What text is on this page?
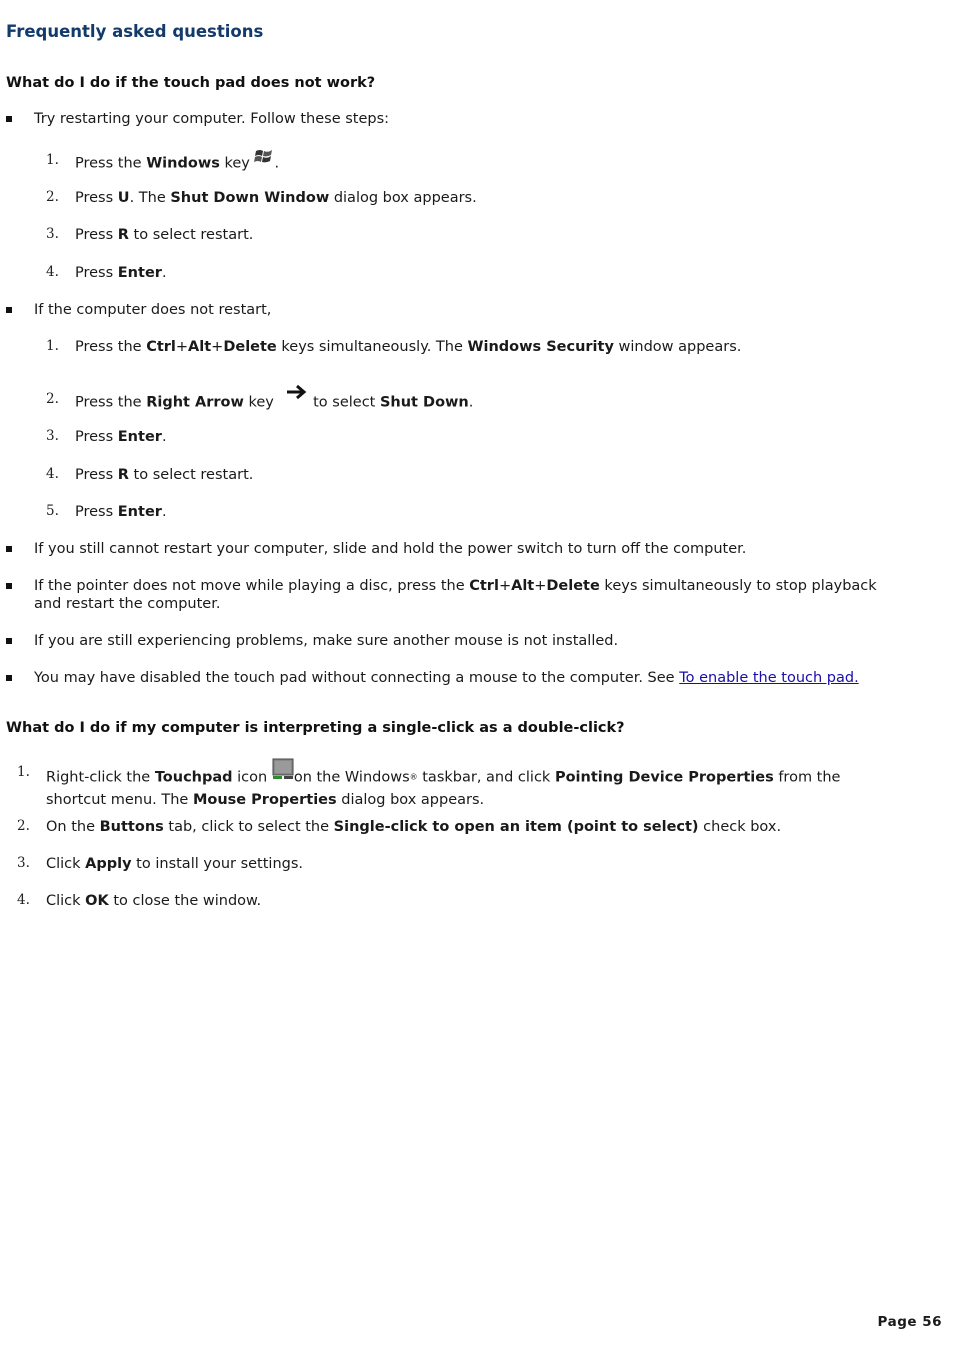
Frequently asked questions
What do I do if the touch pad does not work?
Try restarting your computer. Follow these steps:
1. Press the Windows key .
2. Press U. The Shut Down Window dialog box appears.
3. Press R to select restart.
4. Press Enter.
If the computer does not restart,
1. Press the Ctrl+Alt+Delete keys simultaneously. The Windows Security window appears.
2. Press the Right Arrow key  to select Shut Down.
3. Press Enter.
4. Press R to select restart.
5. Press Enter.
If you still cannot restart your computer, slide and hold the power switch to turn off the computer.
If the pointer does not move while playing a disc, press the Ctrl+Alt+Delete keys simultaneously to stop playback
and restart the computer.
If you are still experiencing problems, make sure another mouse is not installed.
You may have disabled the touch pad without connecting a mouse to the computer. See To enable the touch pad.
What do I do if my computer is interpreting a single-click as a double-click?
1. Right-click the Touchpad icon on the Windows® taskbar, and click Pointing Device Properties from the
shortcut menu. The Mouse Properties dialog box appears.
2. On the Buttons tab, click to select the Single-click to open an item (point to select) check box.
3. Click Apply to install your settings.
4. Click OK to close the window.
Page 56
